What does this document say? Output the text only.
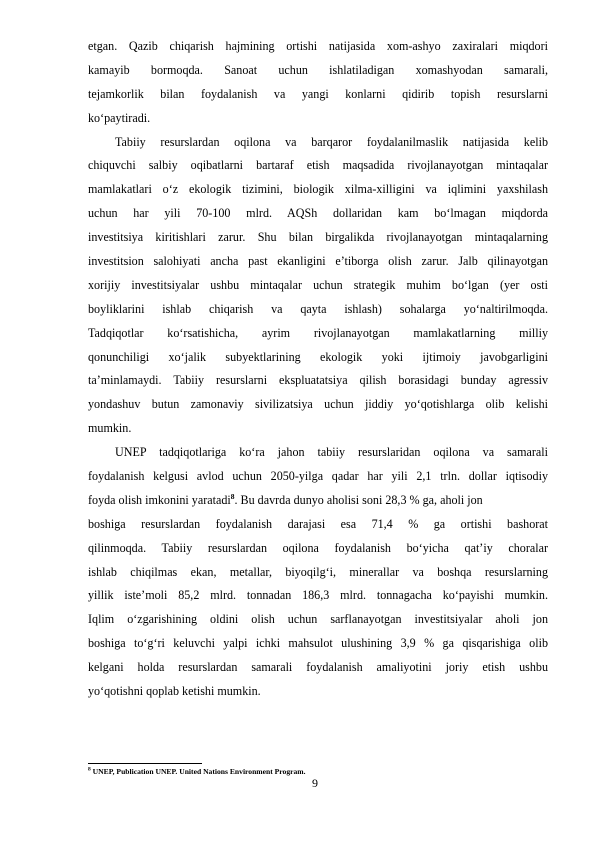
etgan. Qazib chiqarish hajmining ortishi natijasida xom-ashyo zaxiralari miqdori
kamayib bormoqda. Sanoat uchun ishlatiladigan xomashyodan samarali,
tejamkorlik bilan foydalanish va yangi konlarni qidirib topish resurslarni
ko‘paytiradi.
Tabiiy resurslardan oqilona va barqaror foydalanilmaslik natijasida kelib
chiquvchi salbiy oqibatlarni bartaraf etish maqsadida rivojlanayotgan mintaqalar
mamlakatlari o‘z ekologik tizimini, biologik xilma-xilligini va iqlimini yaxshilash
uchun har yili 70-100 mlrd. AQSh dollaridan kam bo‘lmagan miqdorda
investitsiya kiritishlari zarur. Shu bilan birgalikda rivojlanayotgan mintaqalarning
investitsion salohiyati ancha past ekanligini e’tiborga olish zarur. Jalb qilinayotgan
xorijiy investitsiyalar ushbu mintaqalar uchun strategik muhim bo‘lgan (yer osti
boyliklarini ishlab chiqarish va qayta ishlash) sohalarga yo‘naltirilmoqda.
Tadqiqotlar ko‘rsatishicha, ayrim rivojlanayotgan mamlakatlarning milliy
qonunchiligi xo‘jalik subyektlarining ekologik yoki ijtimoiy javobgarligini
ta’minlamaydi. Tabiiy resurslarni ekspluatatsiya qilish borasidagi bunday agressiv
yondashuv butun zamonaviy sivilizatsiya uchun jiddiy yo‘qotishlarga olib kelishi
mumkin.
UNEP tadqiqotlariga ko‘ra jahon tabiiy resurslaridan oqilona va samarali
foydalanish kelgusi avlod uchun 2050-yilga qadar har yili 2,1 trln. dollar iqtisodiy
foyda olish imkonini yaratadi$^8$. Bu davrda dunyo aholisi soni 28,3 % ga, aholi jon
boshiga resurslardan foydalanish darajasi esa 71,4 % ga ortishi bashorat
qilinmoqda. Tabiiy resurslardan oqilona foydalanish bo‘yicha qat’iy choralar
ishlab chiqilmas ekan, metallar, biyoqilg‘i, minerallar va boshqa resurslarning
yillik iste’moli 85,2 mlrd. tonnadan 186,3 mlrd. tonnagacha ko‘payishi mumkin.
Iqlim o‘zgarishining oldini olish uchun sarflanayotgan investitsiyalar aholi jon
boshiga to‘g‘ri keluvchi yalpi ichki mahsulot ulushining 3,9 % ga qisqarishiga olib
kelgani holda resurslardan samarali foydalanish amaliyotini joriy etish ushbu
yo‘qotishni qoplab ketishi mumkin.
$^8$ UNEP, Publication UNEP. United Nations Environment Program.
9
